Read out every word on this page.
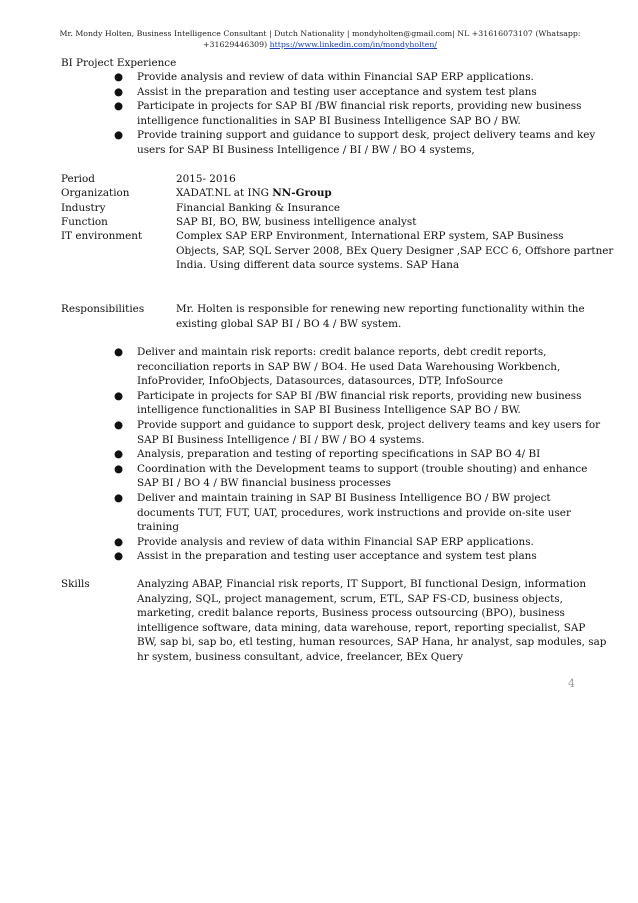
Mr. Mondy Holten, Business Intelligence Consultant | Dutch Nationality | mondyholten@gmail.com| NL +31616073107 (Whatsapp:
+31629446309) https://www.linkedin.com/in/mondyholten/
BI Project Experience
● Provide analysis and review of data within Financial SAP ERP applications.
● Assist in the preparation and testing user acceptance and system test plans
● Participate in projects for SAP BI /BW financial risk reports, providing new business
intelligence functionalities in SAP BI Business Intelligence SAP BO / BW.
● Provide training support and guidance to support desk, project delivery teams and key
users for SAP BI Business Intelligence / BI / BW / BO 4 systems,
Period	2015- 2016
Organization	XADAT.NL at ING NN-Group
Industry	Financial Banking & Insurance
Function	SAP BI, BO, BW, business intelligence analyst
IT environment	Complex SAP ERP Environment, International ERP system, SAP Business
Objects, SAP, SQL Server 2008, BEx Query Designer ,SAP ECC 6, Offshore partner
India. Using different data source systems. SAP Hana
Responsibilities	Mr. Holten is responsible for renewing new reporting functionality within the
existing global SAP BI / BO 4 / BW system.
● Deliver and maintain risk reports: credit balance reports, debt credit reports,
reconciliation reports in SAP BW / BO4. He used Data Warehousing Workbench,
InfoProvider, InfoObjects, Datasources, datasources, DTP, InfoSource
● Participate in projects for SAP BI /BW financial risk reports, providing new business
intelligence functionalities in SAP BI Business Intelligence SAP BO / BW.
● Provide support and guidance to support desk, project delivery teams and key users for
SAP BI Business Intelligence / BI / BW / BO 4 systems.
● Analysis, preparation and testing of reporting specifications in SAP BO 4/ BI
● Coordination with the Development teams to support (trouble shouting) and enhance
SAP BI / BO 4 / BW financial business processes
● Deliver and maintain training in SAP BI Business Intelligence BO / BW project
documents TUT, FUT, UAT, procedures, work instructions and provide on-site user
training
● Provide analysis and review of data within Financial SAP ERP applications.
● Assist in the preparation and testing user acceptance and system test plans
Skills	Analyzing ABAP, Financial risk reports, IT Support, BI functional Design, information
Analyzing, SQL, project management, scrum, ETL, SAP FS-CD, business objects,
marketing, credit balance reports, Business process outsourcing (BPO), business
intelligence software, data mining, data warehouse, report, reporting specialist, SAP
BW, sap bi, sap bo, etl testing, human resources, SAP Hana, hr analyst, sap modules, sap
hr system, business consultant, advice, freelancer, BEx Query
4
